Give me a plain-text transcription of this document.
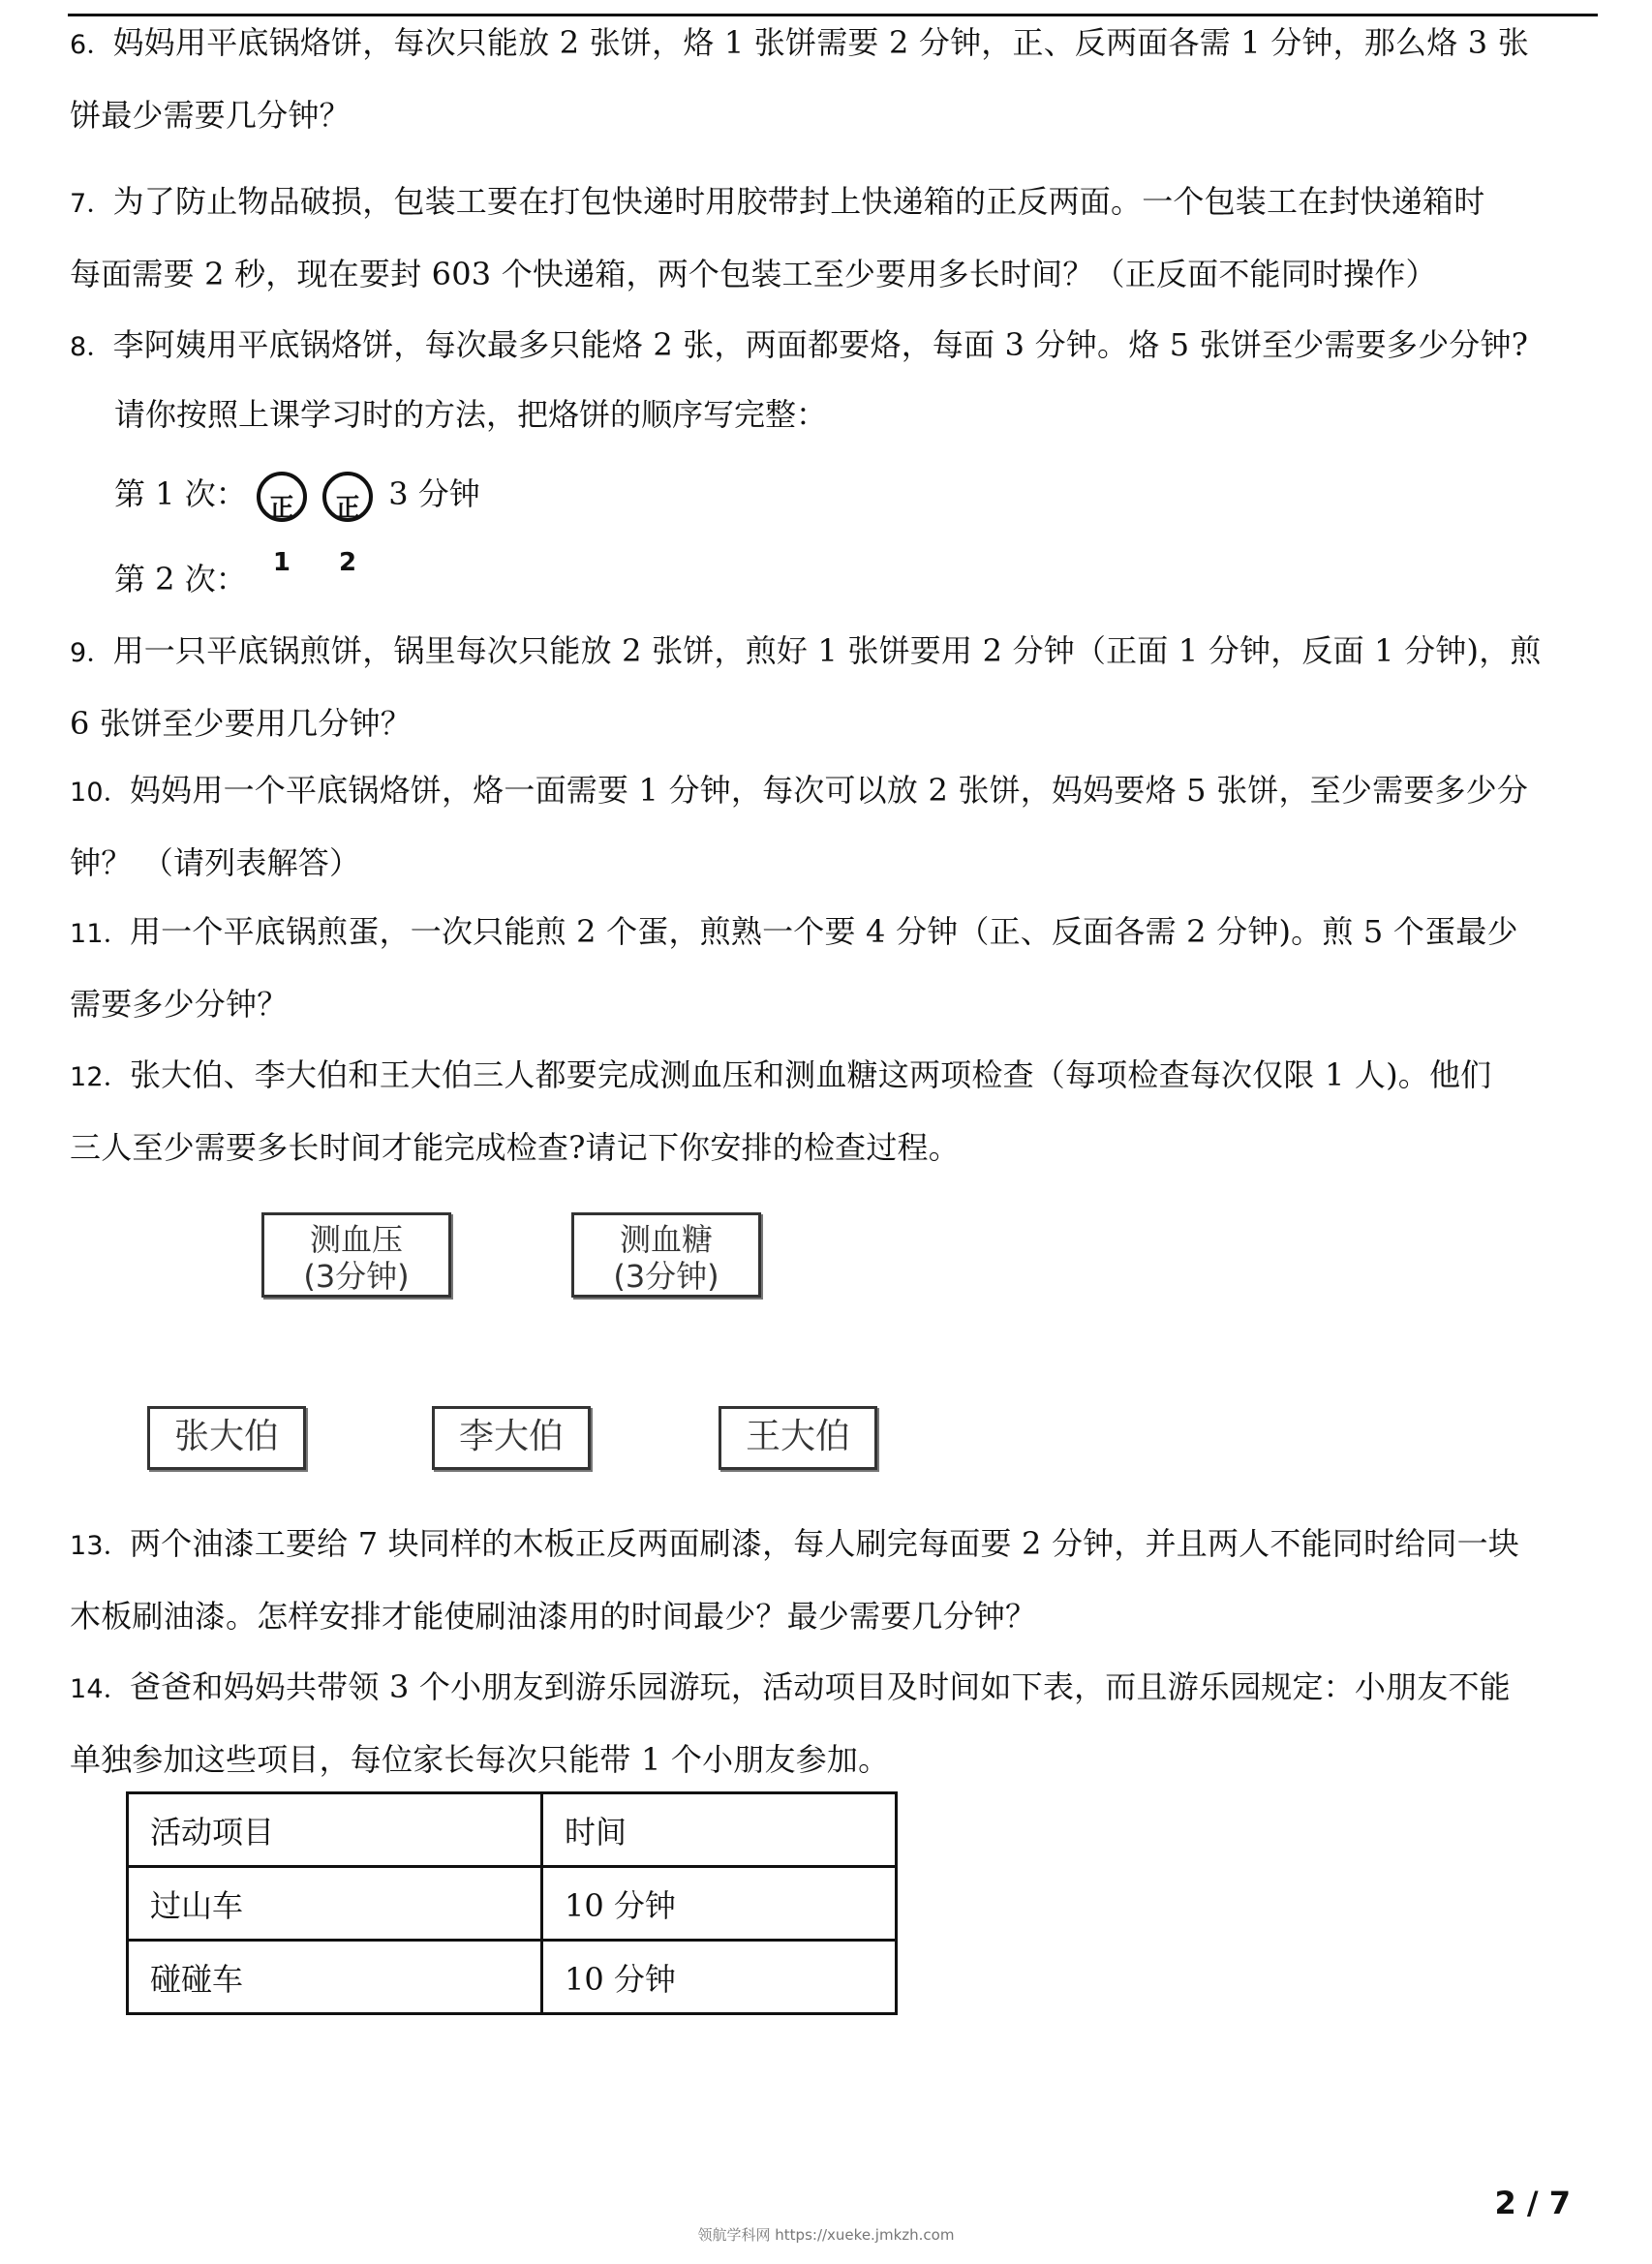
6．妈妈用平底锅烙饼，每次只能放 2 张饼，烙 1 张饼需要 2 分钟，正、反两面各需 1 分钟，那么烙 3 张
饼最少需要几分钟？
7．为了防止物品破损，包装工要在打包快递时用胶带封上快递箱的正反两面。一个包装工在封快递箱时
每面需要 2 秒，现在要封 603 个快递箱，两个包装工至少要用多长时间？（正反面不能同时操作）
8．李阿姨用平底锅烙饼，每次最多只能烙 2 张，两面都要烙，每面 3 分钟。烙 5 张饼至少需要多少分钟?
请你按照上课学习时的方法，把烙饼的顺序写完整：
第 1 次： 正1

正2
3 分钟
第 2 次：
9．用一只平底锅煎饼，锅里每次只能放 2 张饼，煎好 1 张饼要用 2 分钟（正面 1 分钟，反面 1 分钟)，煎
6 张饼至少要用几分钟？
10．妈妈用一个平底锅烙饼，烙一面需要 1 分钟，每次可以放 2 张饼，妈妈要烙 5 张饼，至少需要多少分
钟？ （请列表解答）
11．用一个平底锅煎蛋，一次只能煎 2 个蛋，煎熟一个要 4 分钟（正、反面各需 2 分钟)。煎 5 个蛋最少
需要多少分钟？
12．张大伯、李大伯和王大伯三人都要完成测血压和测血糖这两项检查（每项检查每次仅限 1 人)。他们
三人至少需要多长时间才能完成检查?请记下你安排的检查过程。
测血压
(3分钟)
测血糖
(3分钟)
张大伯	李大伯	王大伯
13．两个油漆工要给 7 块同样的木板正反两面刷漆，每人刷完每面要 2 分钟，并且两人不能同时给同一块
木板刷油漆。怎样安排才能使刷油漆用的时间最少？最少需要几分钟？
14．爸爸和妈妈共带领 3 个小朋友到游乐园游玩，活动项目及时间如下表，而且游乐园规定：小朋友不能
单独参加这些项目，每位家长每次只能带 1 个小朋友参加。
活动项目	时间
过山车	10 分钟
碰碰车	10 分钟
2 / 7
领航学科网 https://xueke.jmkzh.com
